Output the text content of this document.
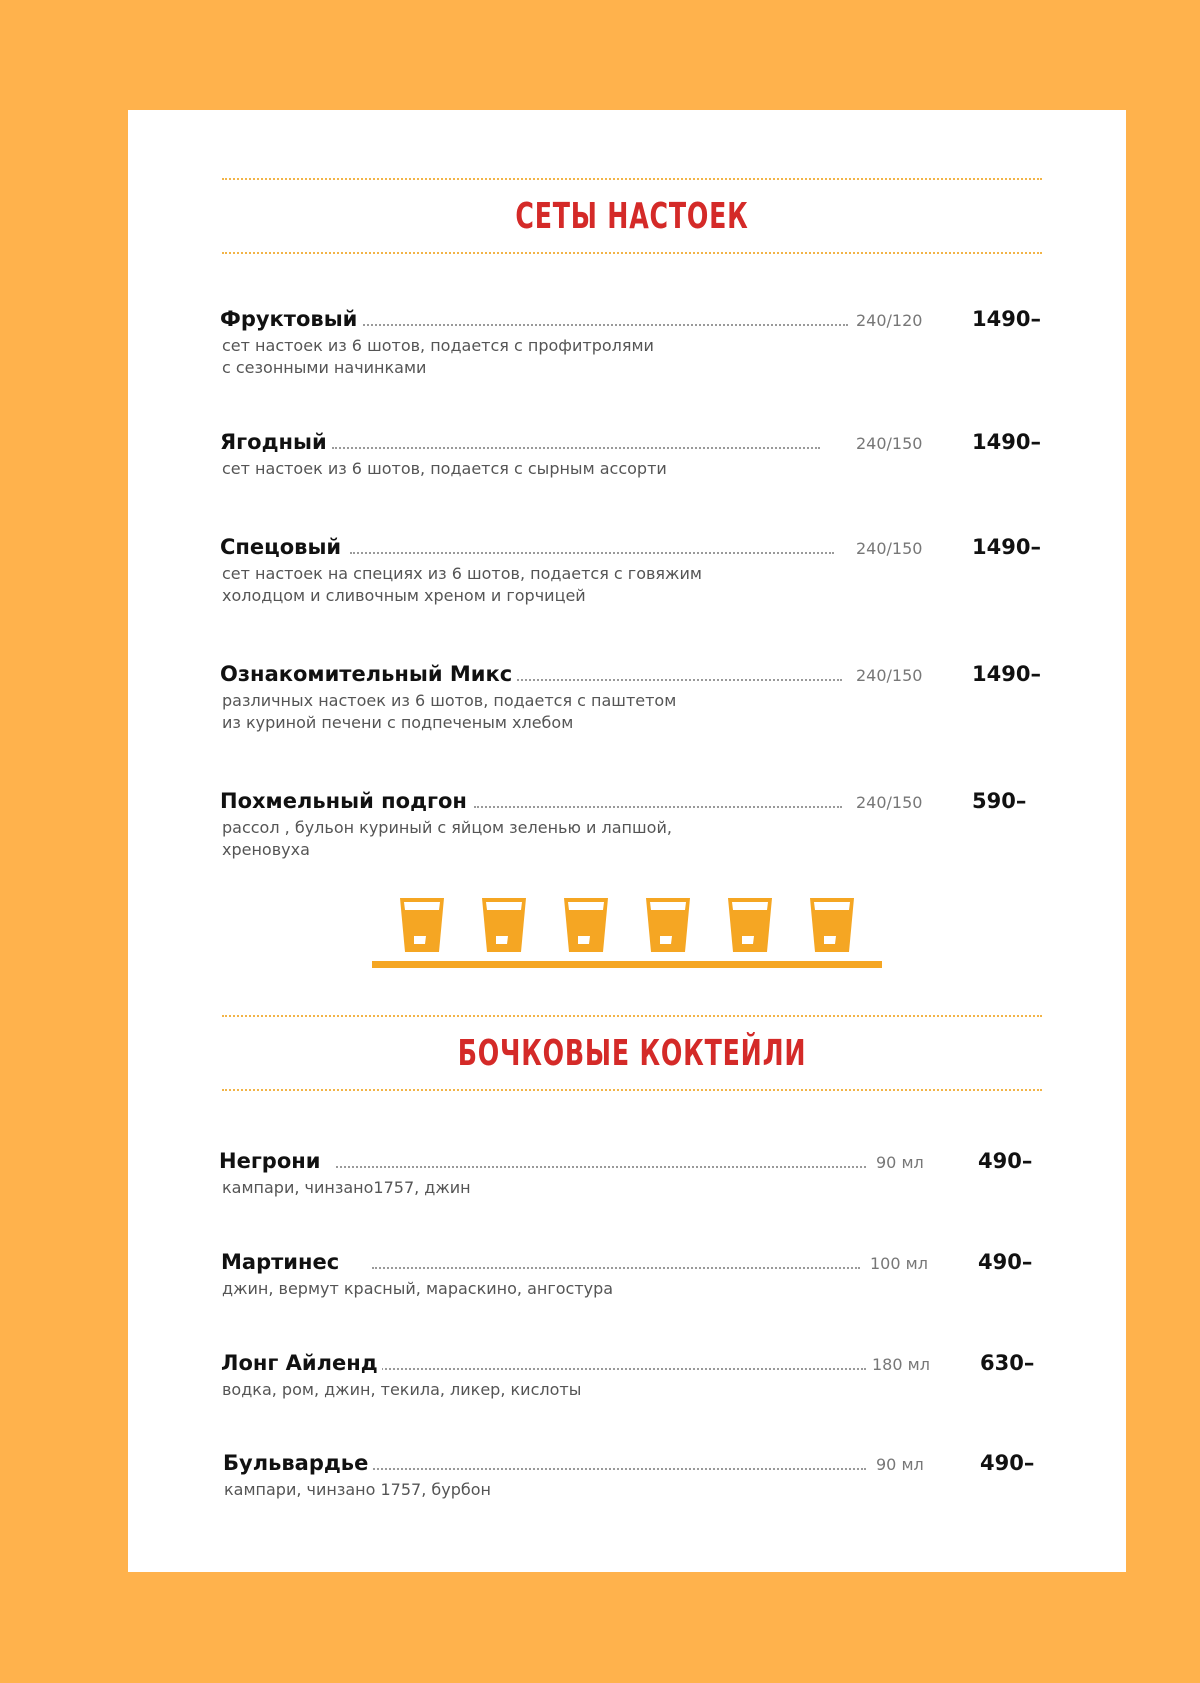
СЕТЫ НАСТОЕК
Фруктовый	240/120 1490–
сет настоек из 6 шотов, подается с профитролями
с сезонными начинками
Ягодный	240/150 1490–
сет настоек из 6 шотов, подается с сырным ассорти
Спецовый	240/150 1490–
сет настоек на специях из 6 шотов, подается с говяжим
холодцом и сливочным хреном и горчицей
Ознакомительный Микс	240/150 1490–
различных настоек из 6 шотов, подается с паштетом
из куриной печени с подпеченым хлебом
Похмельный подгон	240/150 590–
рассол , бульон куриный с яйцом зеленью и лапшой,
хреновуха
БОЧКОВЫЕ КОКТЕЙЛИ
Негрони	90 мл	490–
кампари, чинзано1757, джин
Мартинес	100 мл 490–
джин, вермут красный, мараскино, ангостура
Лонг Айленд	180 мл 630–
водка, ром, джин, текила, ликер, кислоты
Бульвардье	90 мл	490–
кампари, чинзано 1757, бурбон
